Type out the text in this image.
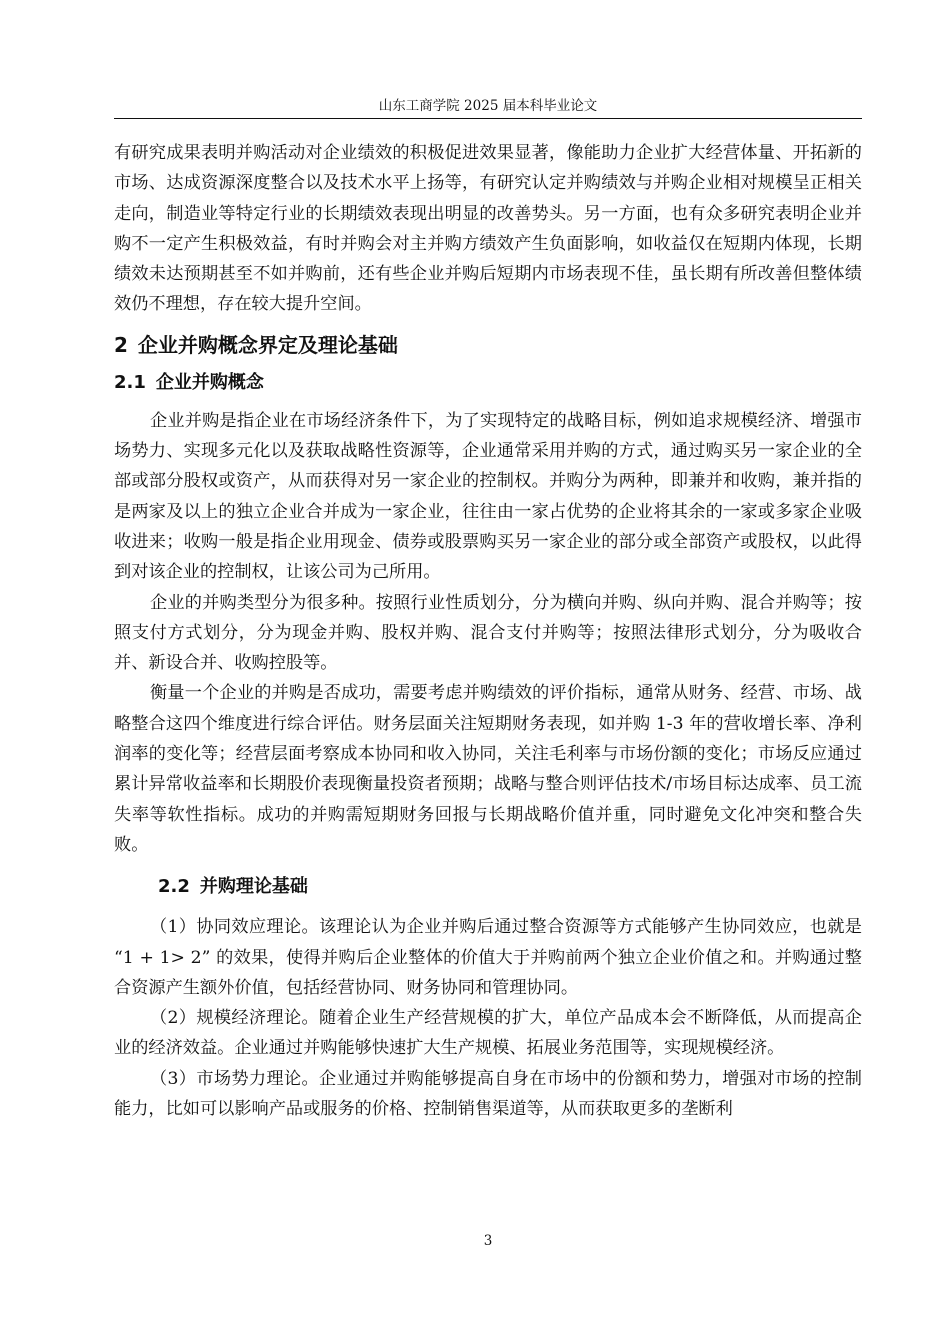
山东工商学院 2025 届本科毕业论文

有研究成果表明并购活动对企业绩效的积极促进效果显著，像能助力企业扩大经营体量、开拓新的市场、达成资源深度整合以及技术水平上扬等，有研究认定并购绩效与并购企业相对规模呈正相关走向，制造业等特定行业的长期绩效表现出明显的改善势头。另一方面，也有众多研究表明企业并购不一定产生积极效益，有时并购会对主并购方绩效产生负面影响，如收益仅在短期内体现，长期绩效未达预期甚至不如并购前，还有些企业并购后短期内市场表现不佳，虽长期有所改善但整体绩效仍不理想，存在较大提升空间。

2 企业并购概念界定及理论基础
2.1 企业并购概念

企业并购是指企业在市场经济条件下，为了实现特定的战略目标，例如追求规模经济、增强市场势力、实现多元化以及获取战略性资源等，企业通常采用并购的方式，通过购买另一家企业的全部或部分股权或资产，从而获得对另一家企业的控制权。并购分为两种，即兼并和收购，兼并指的是两家及以上的独立企业合并成为一家企业，往往由一家占优势的企业将其余的一家或多家企业吸收进来；收购一般是指企业用现金、债券或股票购买另一家企业的部分或全部资产或股权，以此得到对该企业的控制权，让该公司为己所用。

企业的并购类型分为很多种。按照行业性质划分，分为横向并购、纵向并购、混合并购等；按照支付方式划分，分为现金并购、股权并购、混合支付并购等；按照法律形式划分，分为吸收合并、新设合并、收购控股等。

衡量一个企业的并购是否成功，需要考虑并购绩效的评价指标，通常从财务、经营、市场、战略整合这四个维度进行综合评估。财务层面关注短期财务表现，如并购 1-3 年的营收增长率、净利润率的变化等；经营层面考察成本协同和收入协同，关注毛利率与市场份额的变化；市场反应通过累计异常收益率和长期股价表现衡量投资者预期；战略与整合则评估技术/市场目标达成率、员工流失率等软性指标。成功的并购需短期财务回报与长期战略价值并重，同时避免文化冲突和整合失败。

2.2 并购理论基础

（1）协同效应理论。该理论认为企业并购后通过整合资源等方式能够产生协同效应，也就是 “1 + 1> 2” 的效果，使得并购后企业整体的价值大于并购前两个独立企业价值之和。并购通过整合资源产生额外价值，包括经营协同、财务协同和管理协同。

（2）规模经济理论。随着企业生产经营规模的扩大，单位产品成本会不断降低，从而提高企业的经济效益。企业通过并购能够快速扩大生产规模、拓展业务范围等，实现规模经济。

（3）市场势力理论。企业通过并购能够提高自身在市场中的份额和势力，增强对市场的控制能力，比如可以影响产品或服务的价格、控制销售渠道等，从而获取更多的垄断利

3
